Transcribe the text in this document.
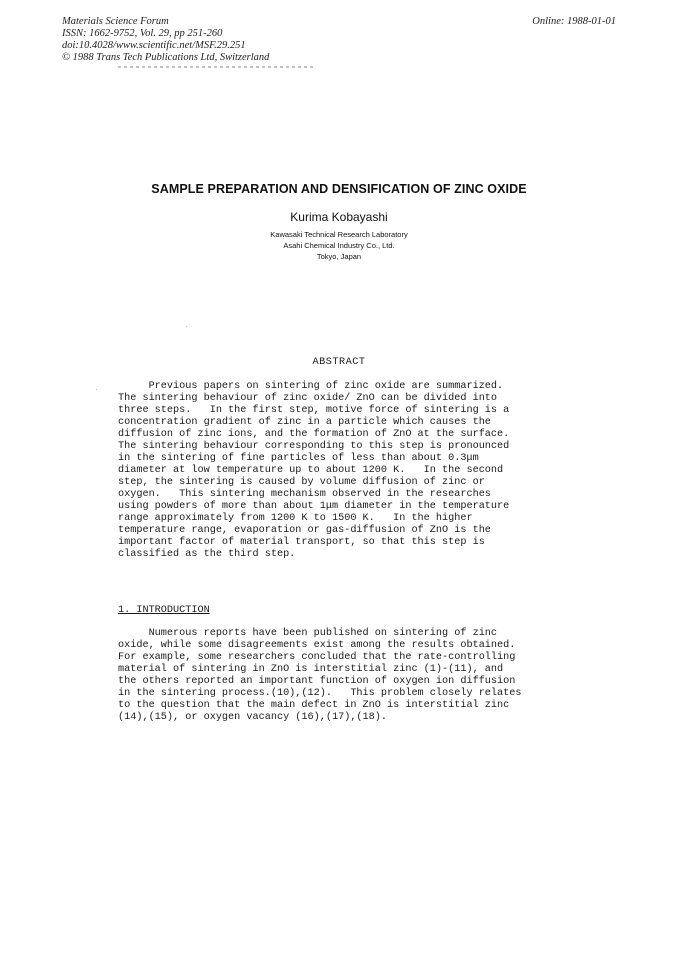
Materials Science Forum
ISSN: 1662-9752, Vol. 29, pp 251-260
doi:10.4028/www.scientific.net/MSF.29.251
© 1988 Trans Tech Publications Ltd, Switzerland
Online: 1988-01-01
SAMPLE PREPARATION AND DENSIFICATION OF ZINC OXIDE
Kurima Kobayashi
Kawasaki Technical Research Laboratory
Asahi Chemical Industry Co., Ltd.
Tokyo, Japan
ABSTRACT
Previous papers on sintering of zinc oxide are summarized.
The sintering behaviour of zinc oxide/ ZnO can be divided into
three steps.   In the first step, motive force of sintering is a
concentration gradient of zinc in a particle which causes the
diffusion of zinc ions, and the formation of ZnO at the surface.
The sintering behaviour corresponding to this step is pronounced
in the sintering of fine particles of less than about 0.3μm
diameter at low temperature up to about 1200 K.   In the second
step, the sintering is caused by volume diffusion of zinc or
oxygen.   This sintering mechanism observed in the researches
using powders of more than about 1μm diameter in the temperature
range approximately from 1200 K to 1500 K.   In the higher
temperature range, evaporation or gas-diffusion of ZnO is the
important factor of material transport, so that this step is
classified as the third step.
1. INTRODUCTION
Numerous reports have been published on sintering of zinc
oxide, while some disagreements exist among the results obtained.
For example, some researchers concluded that the rate-controlling
material of sintering in ZnO is interstitial zinc (1)-(11), and
the others reported an important function of oxygen ion diffusion
in the sintering process.(10),(12).   This problem closely relates
to the question that the main defect in ZnO is interstitial zinc
(14),(15), or oxygen vacancy (16),(17),(18).
